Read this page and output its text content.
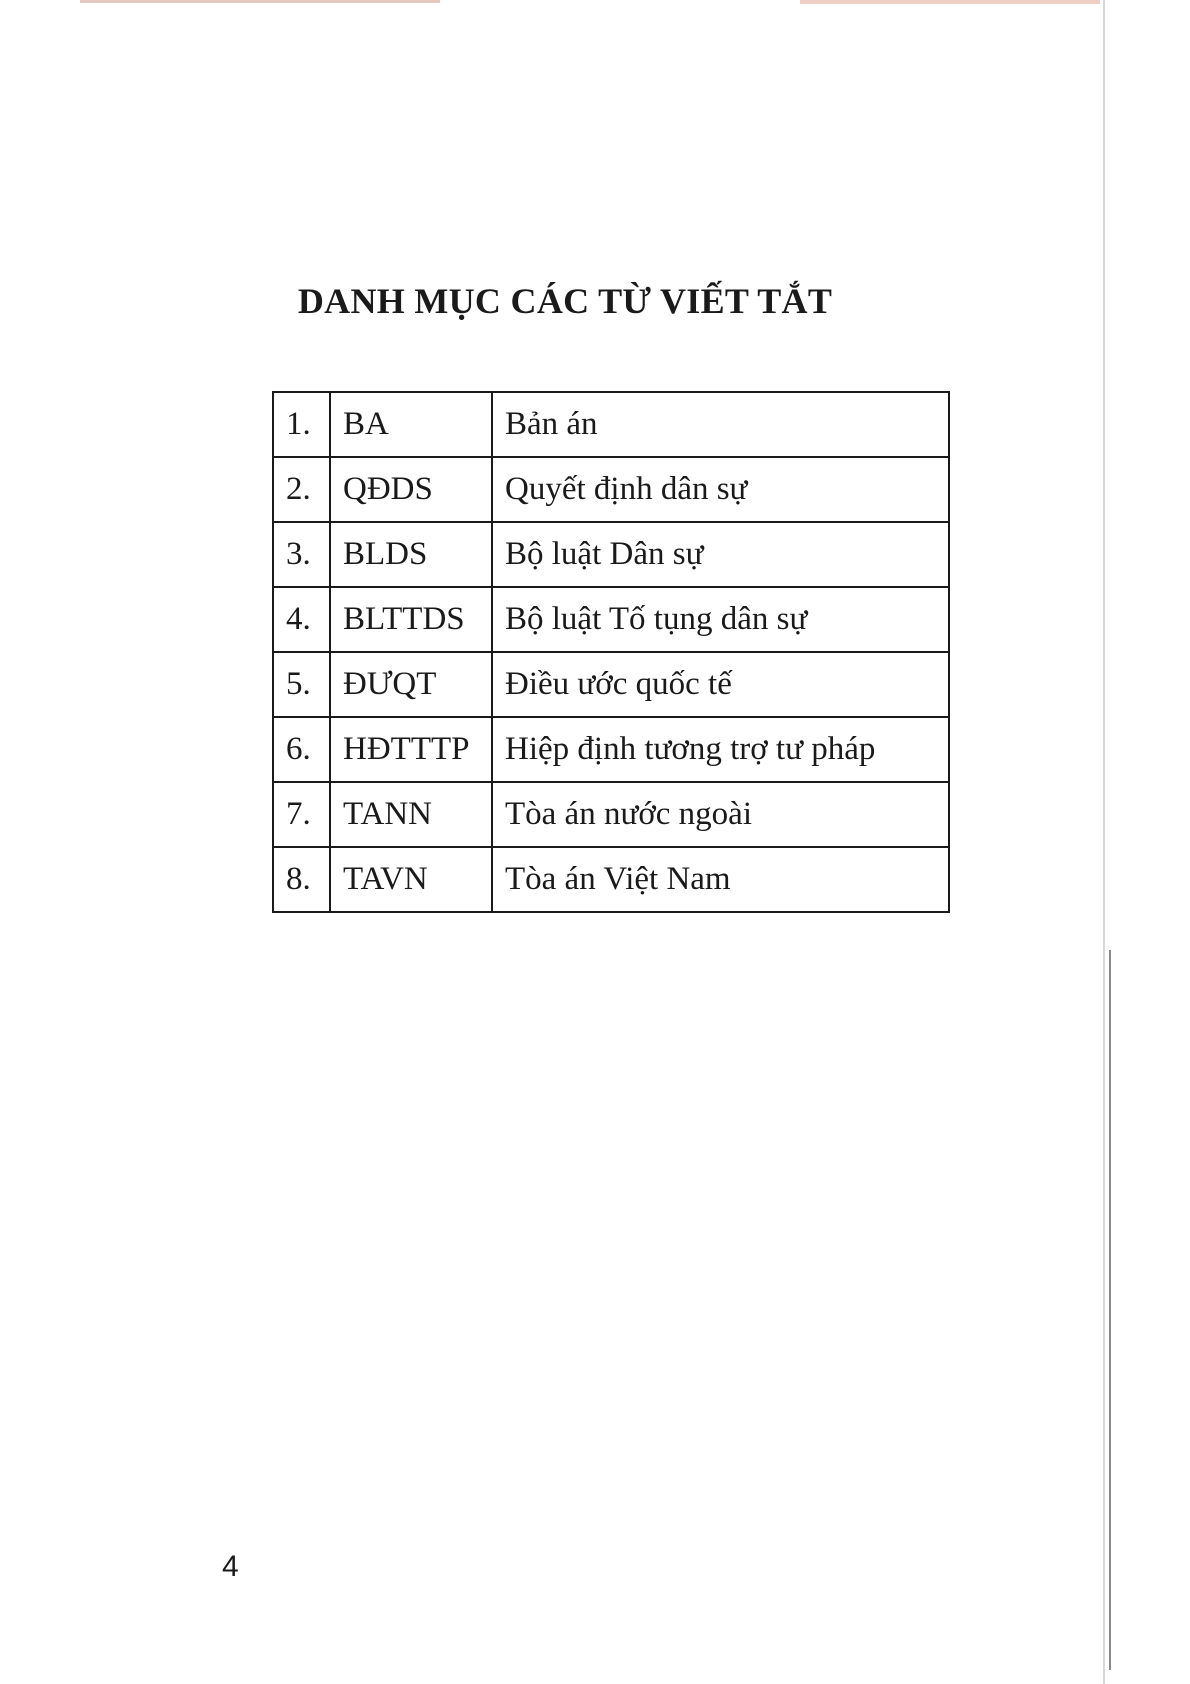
DANH MỤC CÁC TỪ VIẾT TẮT
1.	BA	Bản án
2.	QĐDS	Quyết định dân sự
3.	BLDS	Bộ luật Dân sự
4.	BLTTDS	Bộ luật Tố tụng dân sự
5.	ĐƯQT	Điều ước quốc tế
6.	HĐTTTP	Hiệp định tương trợ tư pháp
7.	TANN	Tòa án nước ngoài
8.	TAVN	Tòa án Việt Nam
4
